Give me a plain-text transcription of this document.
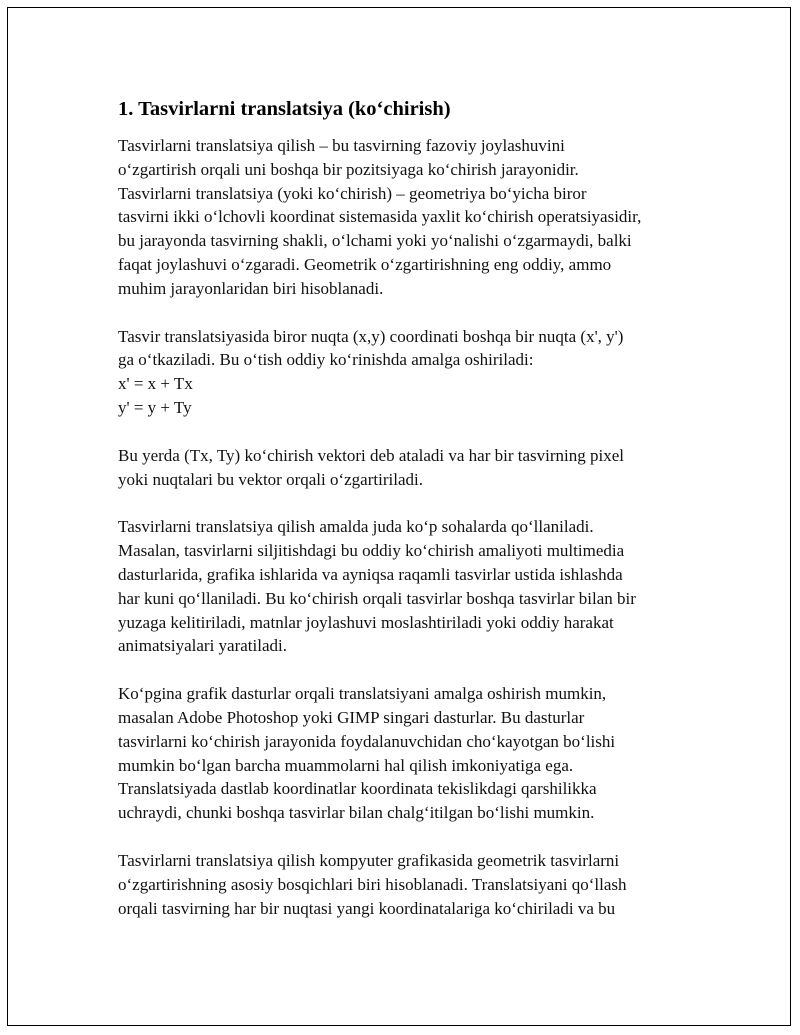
1. Tasvirlarni translatsiya (ko‘chirish)
Tasvirlarni translatsiya qilish – bu tasvirning fazoviy joylashuvini
o‘zgartirish orqali uni boshqa bir pozitsiyaga ko‘chirish jarayonidir.
Tasvirlarni translatsiya (yoki ko‘chirish) – geometriya bo‘yicha biror
tasvirni ikki o‘lchovli koordinat sistemasida yaxlit ko‘chirish operatsiyasidir,
bu jarayonda tasvirning shakli, o‘lchami yoki yo‘nalishi o‘zgarmaydi, balki
faqat joylashuvi o‘zgaradi. Geometrik o‘zgartirishning eng oddiy, ammo
muhim jarayonlaridan biri hisoblanadi.
Tasvir translatsiyasida biror nuqta (x,y) coordinati boshqa bir nuqta (x', y')
ga o‘tkaziladi. Bu o‘tish oddiy ko‘rinishda amalga oshiriladi:
x' = x + Tx
y' = y + Ty
Bu yerda (Tx, Ty) ko‘chirish vektori deb ataladi va har bir tasvirning pixel
yoki nuqtalari bu vektor orqali o‘zgartiriladi.
Tasvirlarni translatsiya qilish amalda juda ko‘p sohalarda qo‘llaniladi.
Masalan, tasvirlarni siljitishdagi bu oddiy ko‘chirish amaliyoti multimedia
dasturlarida, grafika ishlarida va ayniqsa raqamli tasvirlar ustida ishlashda
har kuni qo‘llaniladi. Bu ko‘chirish orqali tasvirlar boshqa tasvirlar bilan bir
yuzaga kelitiriladi, matnlar joylashuvi moslashtiriladi yoki oddiy harakat
animatsiyalari yaratiladi.
Ko‘pgina grafik dasturlar orqali translatsiyani amalga oshirish mumkin,
masalan Adobe Photoshop yoki GIMP singari dasturlar. Bu dasturlar
tasvirlarni ko‘chirish jarayonida foydalanuvchidan cho‘kayotgan bo‘lishi
mumkin bo‘lgan barcha muammolarni hal qilish imkoniyatiga ega.
Translatsiyada dastlab koordinatlar koordinata tekislikdagi qarshilikka
uchraydi, chunki boshqa tasvirlar bilan chalg‘itilgan bo‘lishi mumkin.
Tasvirlarni translatsiya qilish kompyuter grafikasida geometrik tasvirlarni
o‘zgartirishning asosiy bosqichlari biri hisoblanadi. Translatsiyani qo‘llash
orqali tasvirning har bir nuqtasi yangi koordinatalariga ko‘chiriladi va bu
